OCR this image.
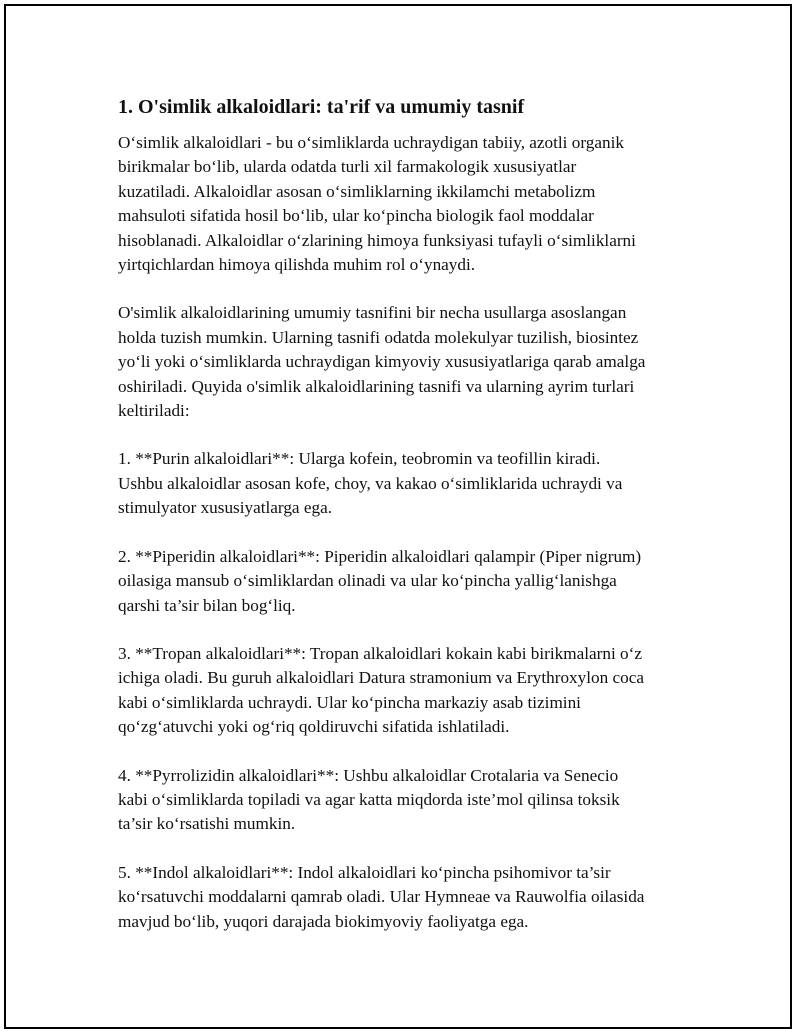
1. O'simlik alkaloidlari: ta'rif va umumiy tasnif

O‘simlik alkaloidlari - bu o‘simliklarda uchraydigan tabiiy, azotli organik
birikmalar bo‘lib, ularda odatda turli xil farmakologik xususiyatlar
kuzatiladi. Alkaloidlar asosan o‘simliklarning ikkilamchi metabolizm
mahsuloti sifatida hosil bo‘lib, ular ko‘pincha biologik faol moddalar
hisoblanadi. Alkaloidlar o‘zlarining himoya funksiyasi tufayli o‘simliklarni
yirtqichlardan himoya qilishda muhim rol o‘ynaydi.

O'simlik alkaloidlarining umumiy tasnifini bir necha usullarga asoslangan
holda tuzish mumkin. Ularning tasnifi odatda molekulyar tuzilish, biosintez
yo‘li yoki o‘simliklarda uchraydigan kimyoviy xususiyatlariga qarab amalga
oshiriladi. Quyida o'simlik alkaloidlarining tasnifi va ularning ayrim turlari
keltiriladi:

1. **Purin alkaloidlari**: Ularga kofein, teobromin va teofillin kiradi.
Ushbu alkaloidlar asosan kofe, choy, va kakao o‘simliklarida uchraydi va
stimulyator xususiyatlarga ega.

2. **Piperidin alkaloidlari**: Piperidin alkaloidlari qalampir (Piper nigrum)
oilasiga mansub o‘simliklardan olinadi va ular ko‘pincha yallig‘lanishga
qarshi ta’sir bilan bog‘liq.

3. **Tropan alkaloidlari**: Tropan alkaloidlari kokain kabi birikmalarni o‘z
ichiga oladi. Bu guruh alkaloidlari Datura stramonium va Erythroxylon coca
kabi o‘simliklarda uchraydi. Ular ko‘pincha markaziy asab tizimini
qo‘zg‘atuvchi yoki og‘riq qoldiruvchi sifatida ishlatiladi.

4. **Pyrrolizidin alkaloidlari**: Ushbu alkaloidlar Crotalaria va Senecio
kabi o‘simliklarda topiladi va agar katta miqdorda iste’mol qilinsa toksik
ta’sir ko‘rsatishi mumkin.

5. **Indol alkaloidlari**: Indol alkaloidlari ko‘pincha psihomivor ta’sir
ko‘rsatuvchi moddalarni qamrab oladi. Ular Hymneae va Rauwolfia oilasida
mavjud bo‘lib, yuqori darajada biokimyoviy faoliyatga ega.
